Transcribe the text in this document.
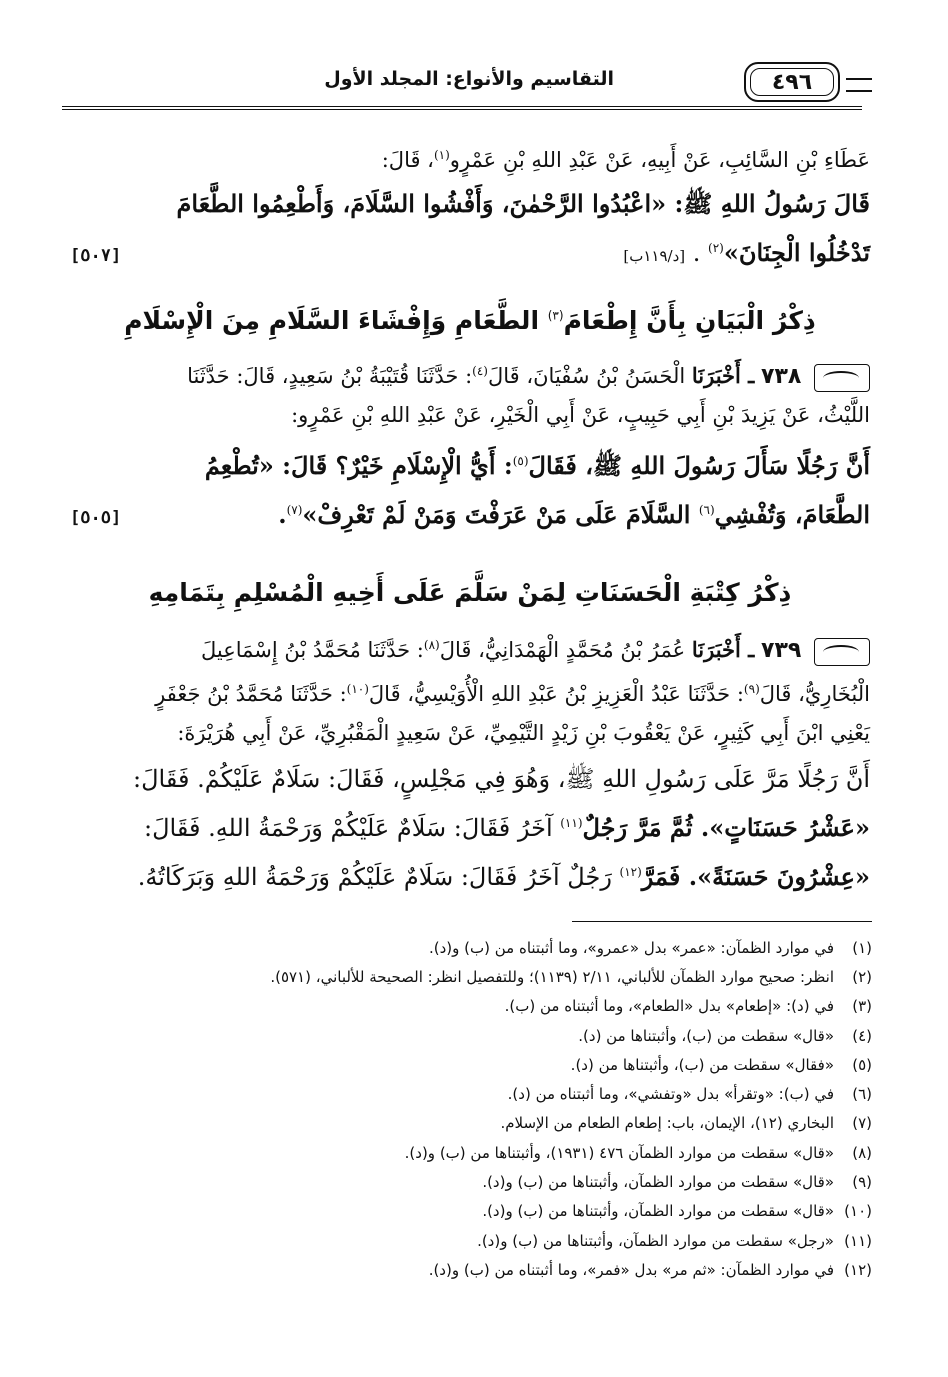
التقاسيم والأنواع: المجلد الأول	٤٩٦
عَطَاءِ بْنِ السَّائِبِ، عَنْ أَبِيهِ، عَنْ عَبْدِ اللهِ بْنِ عَمْرٍو$^{(١)}$، قَالَ:
قَالَ رَسُولُ اللهِ ﷺ: «اعْبُدُوا الرَّحْمٰنَ، وَأَفْشُوا السَّلَامَ، وَأَطْعِمُوا الطَّعَامَ
تَدْخُلُوا الْجِنَانَ»$^{(٢)}$ . [د/١١٩ب]
[٥٠٧]
ذِكْرُ الْبَيَانِ بِأَنَّ إِطْعَامَ$^{(٣)}$ الطَّعَامِ وَإِفْشَاءَ السَّلَامِ مِنَ الْإِسْلَامِ
٧٣٨ ـ أَخْبَرَنَا الْحَسَنُ بْنُ سُفْيَانَ، قَالَ$^{(٤)}$: حَدَّثَنَا قُتَيْبَةُ بْنُ سَعِيدٍ، قَالَ: حَدَّثَنَا
اللَّيْثُ، عَنْ يَزِيدَ بْنِ أَبِي حَبِيبٍ، عَنْ أَبِي الْخَيْرِ، عَنْ عَبْدِ اللهِ بْنِ عَمْرٍو:
أَنَّ رَجُلًا سَأَلَ رَسُولَ اللهِ ﷺ، فَقَالَ$^{(٥)}$: أَيُّ الْإِسْلَامِ خَيْرٌ؟ قَالَ: «تُطْعِمُ
الطَّعَامَ، وَتُفْشِي$^{(٦)}$ السَّلَامَ عَلَى مَنْ عَرَفْتَ وَمَنْ لَمْ تَعْرِفْ»$^{(٧)}$.
[٥٠٥]
ذِكْرُ كِتْبَةِ الْحَسَنَاتِ لِمَنْ سَلَّمَ عَلَى أَخِيهِ الْمُسْلِمِ بِتَمَامِهِ
٧٣٩ ـ أَخْبَرَنَا عُمَرُ بْنُ مُحَمَّدٍ الْهَمْدَانِيُّ، قَالَ$^{(٨)}$: حَدَّثَنَا مُحَمَّدُ بْنُ إِسْمَاعِيلَ
الْبُخَارِيُّ، قَالَ$^{(٩)}$: حَدَّثَنَا عَبْدُ الْعَزِيزِ بْنُ عَبْدِ اللهِ الْأُوَيْسِيُّ، قَالَ$^{(١٠)}$: حَدَّثَنَا مُحَمَّدُ بْنُ جَعْفَرٍ
يَعْنِي ابْنَ أَبِي كَثِيرٍ، عَنْ يَعْقُوبَ بْنِ زَيْدٍ التَّيْمِيِّ، عَنْ سَعِيدٍ الْمَقْبُرِيِّ، عَنْ أَبِي هُرَيْرَةَ:
أَنَّ رَجُلًا مَرَّ عَلَى رَسُولِ اللهِ ﷺ، وَهُوَ فِي مَجْلِسٍ، فَقَالَ: سَلَامٌ عَلَيْكُمْ. فَقَالَ:
«عَشْرُ حَسَنَاتٍ». ثُمَّ مَرَّ رَجُلٌ$^{(١١)}$ آخَرُ فَقَالَ: سَلَامٌ عَلَيْكُمْ وَرَحْمَةُ اللهِ. فَقَالَ:
«عِشْرُونَ حَسَنَةً». فَمَرَّ$^{(١٢)}$ رَجُلٌ آخَرُ فَقَالَ: سَلَامٌ عَلَيْكُمْ وَرَحْمَةُ اللهِ وَبَرَكَاتُهُ.
(١)
في موارد الظمآن: «عمر» بدل «عمرو»، وما أثبتناه من (ب) و(د).
(٢)
انظر: صحيح موارد الظمآن للألباني، ٢/١١ (١١٣٩)؛ وللتفصيل انظر: الصحيحة للألباني، (٥٧١).
(٣)
في (د): «إطعام» بدل «الطعام»، وما أثبتناه من (ب).
(٤)
«قال» سقطت من (ب)، وأثبتناها من (د).
(٥)
«فقال» سقطت من (ب)، وأثبتناها من (د).
(٦)
في (ب): «وتقرأ» بدل «وتفشي»، وما أثبتناه من (د).
(٧)
البخاري (١٢)، الإيمان، باب: إطعام الطعام من الإسلام.
(٨)
«قال» سقطت من موارد الظمآن ٤٧٦ (١٩٣١)، وأثبتناها من (ب) و(د).
(٩)
«قال» سقطت من موارد الظمآن، وأثبتناها من (ب) و(د).
(١٠)
«قال» سقطت من موارد الظمآن، وأثبتناها من (ب) و(د).
(١١)
«رجل» سقطت من موارد الظمآن، وأثبتناها من (ب) و(د).
(١٢)
في موارد الظمآن: «ثم مر» بدل «فمر»، وما أثبتناه من (ب) و(د).
